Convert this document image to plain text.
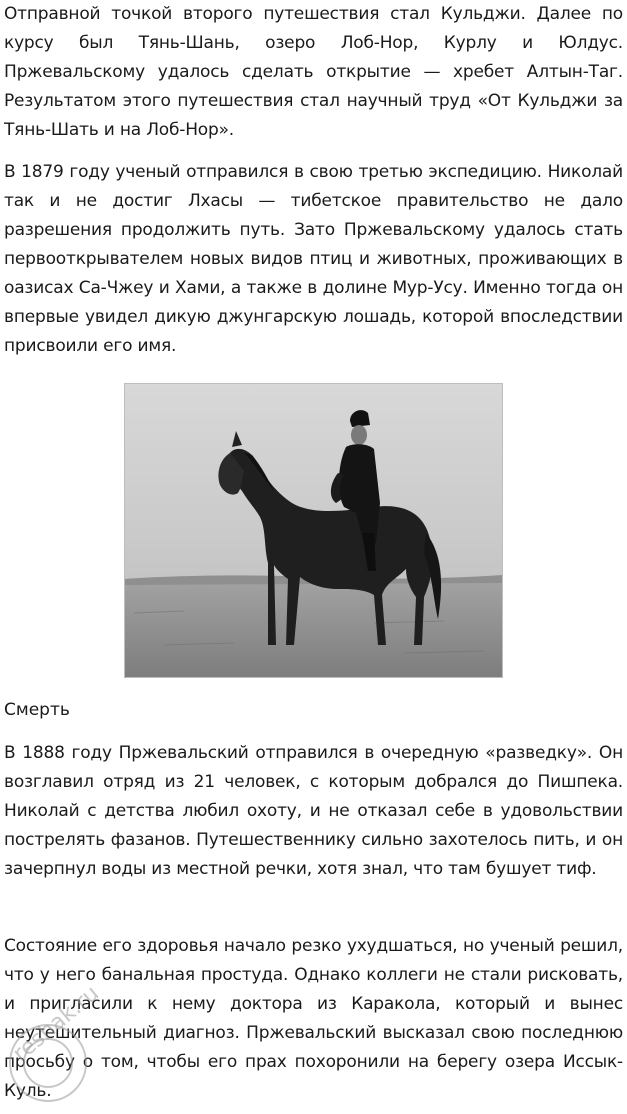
Отправной точкой второго путешествия стал Кульджи. Далее по курсу был Тянь-Шань, озеро Лоб-Нор, Курлу и Юлдус. Пржевальскому удалось сделать открытие — хребет Алтын-Таг. Результатом этого путешествия стал научный труд «От Кульджи за Тянь-Шать и на Лоб-Нор».

В 1879 году ученый отправился в свою третью экспедицию. Николай так и не достиг Лхасы — тибетское правительство не дало разрешения продолжить путь. Зато Пржевальскому удалось стать первооткрывателем новых видов птиц и животных, проживающих в оазисах Са-Чжеу и Хами, а также в долине Мур-Усу. Именно тогда он впервые увидел дикую джунгарскую лошадь, которой впоследствии присвоили его имя.

Смерть

В 1888 году Пржевальский отправился в очередную «разведку». Он возглавил отряд из 21 человек, с которым добрался до Пишпека. Николай с детства любил охоту, и не отказал себе в удовольствии пострелять фазанов. Путешественнику сильно захотелось пить, и он зачерпнул воды из местной речки, хотя знал, что там бушует тиф.

Состояние его здоровья начало резко ухудшаться, но ученый решил, что у него банальная простуда. Однако коллеги не стали рисковать, и пригласили к нему доктора из Каракола, который и вынес неутешительный диагноз. Пржевальский высказал свою последнюю просьбу о том, чтобы его прах похоронили на берегу озера Иссык-Куль.

reshak.ru
